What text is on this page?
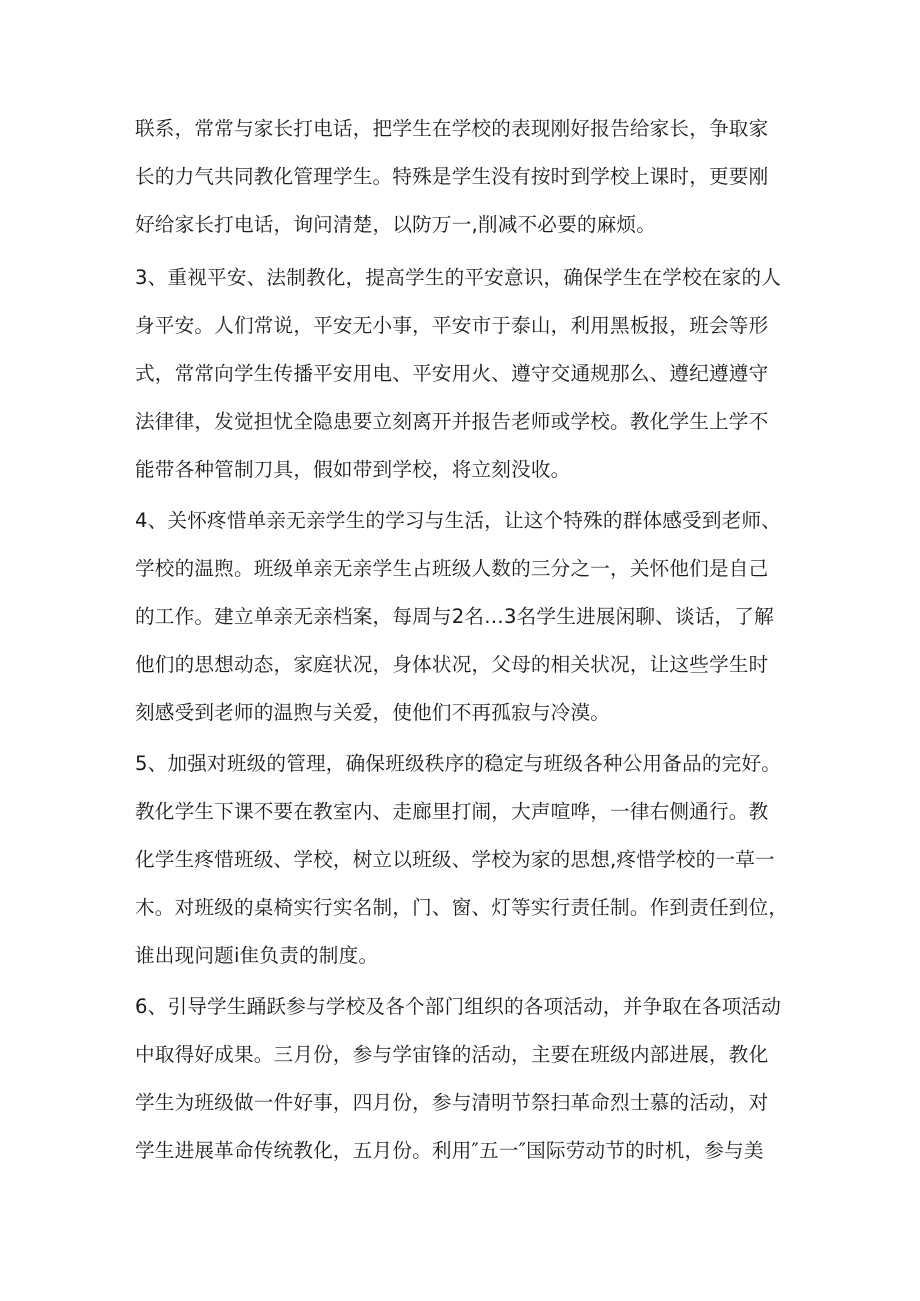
联系，常常与家长打电话，把学生在学校的表现刚好报告给家长，争取家
长的力气共同教化管理学生。特殊是学生没有按时到学校上课时，更要刚
好给家长打电话，询问清楚，以防万一,削减不必要的麻烦。
3、重视平安、法制教化，提高学生的平安意识，确保学生在学校在家的人
身平安。人们常说，平安无小事，平安市于泰山，利用黑板报，班会等形
式，常常向学生传播平安用电、平安用火、遵守交通规那么、遵纪遵遵守
法律律，发觉担忧全隐患要立刻离开并报告老师或学校。教化学生上学不
能带各种管制刀具，假如带到学校，将立刻没收。
4、关怀疼惜单亲无亲学生的学习与生活，让这个特殊的群体感受到老师、
学校的温煦。班级单亲无亲学生占班级人数的三分之一，关怀他们是自己
的工作。建立单亲无亲档案，每周与2名…3名学生进展闲聊、谈话，了解
他们的思想动态，家庭状况，身体状况，父母的相关状况，让这些学生时
刻感受到老师的温煦与关爱，使他们不再孤寂与冷漠。
5、加强对班级的管理，确保班级秩序的稳定与班级各种公用备品的完好。
教化学生下课不要在教室内、走廊里打闹，大声喧哗，一律右侧通行。教
化学生疼惜班级、学校，树立以班级、学校为家的思想,疼惜学校的一草一
木。对班级的桌椅实行实名制，门、窗、灯等实行责任制。作到责任到位，
谁出现问题i隹负责的制度。
6、引导学生踊跃参与学校及各个部门组织的各项活动，并争取在各项活动
中取得好成果。三月份，参与学宙锋的活动，主要在班级内部进展，教化
学生为班级做一件好事，四月份，参与清明节祭扫革命烈士慕的活动，对
学生进展革命传统教化，五月份。利用″五一″国际劳动节的时机，参与美
